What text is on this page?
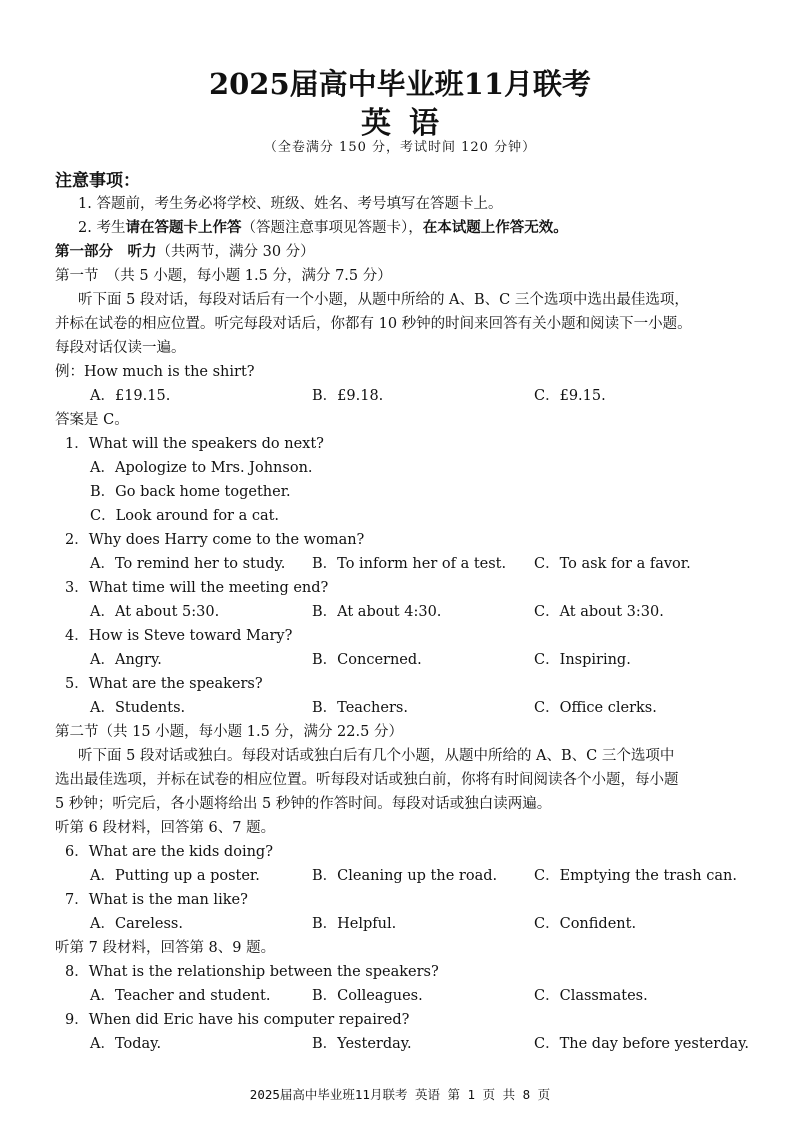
2025届高中毕业班11月联考
英语
（全卷满分 150 分，考试时间 120 分钟）
注意事项：
1. 答题前，考生务必将学校、班级、姓名、考号填写在答题卡上。
2. 考生请在答题卡上作答（答题注意事项见答题卡），在本试题上作答无效。
第一部分　听力（共两节，满分 30 分）
第一节　（共 5 小题，每小题 1.5 分，满分 7.5 分）
听下面 5 段对话，每段对话后有一个小题，从题中所给的 A、B、C 三个选项中选出最佳选项，
并标在试卷的相应位置。听完每段对话后，你都有 10 秒钟的时间来回答有关小题和阅读下一小题。
每段对话仅读一遍。
例：How much is the shirt?
A．£19.15.	B．£9.18.	C．£9.15.
答案是 C。
1．What will the speakers do next?
A．Apologize to Mrs. Johnson.
B．Go back home together.
C．Look around for a cat.
2．Why does Harry come to the woman?
A．To remind her to study. B．To inform her of a test. C．To ask for a favor.
3．What time will the meeting end?
A．At about 5:30.	B．At about 4:30.	C．At about 3:30.
4．How is Steve toward Mary?
A．Angry.	B．Concerned.	C．Inspiring.
5．What are the speakers?
A．Students.	B．Teachers.	C．Office clerks.
第二节（共 15 小题，每小题 1.5 分，满分 22.5 分）
听下面 5 段对话或独白。每段对话或独白后有几个小题，从题中所给的 A、B、C 三个选项中
选出最佳选项，并标在试卷的相应位置。听每段对话或独白前，你将有时间阅读各个小题，每小题
5 秒钟；听完后，各小题将给出 5 秒钟的作答时间。每段对话或独白读两遍。
听第 6 段材料，回答第 6、7 题。
6．What are the kids doing?
A．Putting up a poster.	B．Cleaning up the road.	C．Emptying the trash can.
7．What is the man like?
A．Careless.	B．Helpful.	C．Confident.
听第 7 段材料，回答第 8、9 题。
8．What is the relationship between the speakers?
A．Teacher and student.	B．Colleagues.	C．Classmates.
9．When did Eric have his computer repaired?
A．Today.	B．Yesterday.	C．The day before yesterday.
2025届高中毕业班11月联考 英语 第 1 页 共 8 页
